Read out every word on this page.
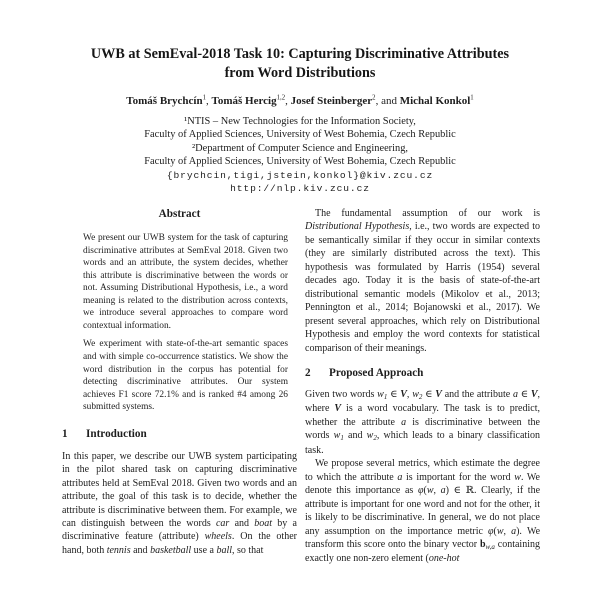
UWB at SemEval-2018 Task 10: Capturing Discriminative Attributes
from Word Distributions
Tomáš Brychcín$^1$, Tomáš Hercig$^{1,2}$, Josef Steinberger$^2$, and Michal Konkol$^1$
¹NTIS – New Technologies for the Information Society,
Faculty of Applied Sciences, University of West Bohemia, Czech Republic
²Department of Computer Science and Engineering,
Faculty of Applied Sciences, University of West Bohemia, Czech Republic
{brychcin,tigi,jstein,konkol}@kiv.zcu.cz
http://nlp.kiv.zcu.cz
Abstract

We present our UWB system for the task of capturing discriminative attributes at SemEval 2018. Given two words and an attribute, the system decides, whether this attribute is discriminative between the words or not. Assuming Distributional Hypothesis, i.e., a word meaning is related to the distribution across contexts, we introduce several approaches to compare word contextual information.

We experiment with state-of-the-art semantic spaces and with simple co-occurrence statistics. We show the word distribution in the corpus has potential for detecting discriminative attributes. Our system achieves F1 score 72.1% and is ranked #4 among 26 submitted systems.

1 Introduction

In this paper, we describe our UWB system participating in the pilot shared task on capturing discriminative attributes held at SemEval 2018. Given two words and an attribute, the goal of this task is to decide, whether the attribute is discriminative between them. For example, we can distinguish between the words car and boat by a discriminative feature (attribute) wheels. On the other hand, both tennis and basketball use a ball, so that

The fundamental assumption of our work is Distributional Hypothesis, i.e., two words are expected to be semantically similar if they occur in similar contexts (they are similarly distributed across the text). This hypothesis was formulated by Harris (1954) several decades ago. Today it is the basis of state-of-the-art distributional semantic models (Mikolov et al., 2013; Pennington et al., 2014; Bojanowski et al., 2017). We present several approaches, which rely on Distributional Hypothesis and employ the word contexts for statistical comparison of their meanings.

2 Proposed Approach

Given two words w1 ∈ V, w2 ∈ V and the attribute a ∈ V, where V is a word vocabulary. The task is to predict, whether the attribute a is discriminative between the words w1 and w2, which leads to a binary classification task.

We propose several metrics, which estimate the degree to which the attribute a is important for the word w. We denote this importance as φ(w, a) ∈ ℝ. Clearly, if the attribute is important for one word and not for the other, it is likely to be discriminative. In general, we do not place any assumption on the importance metric φ(w, a). We transform this score onto the binary vector bw,a containing exactly one non-zero element (one-hot
